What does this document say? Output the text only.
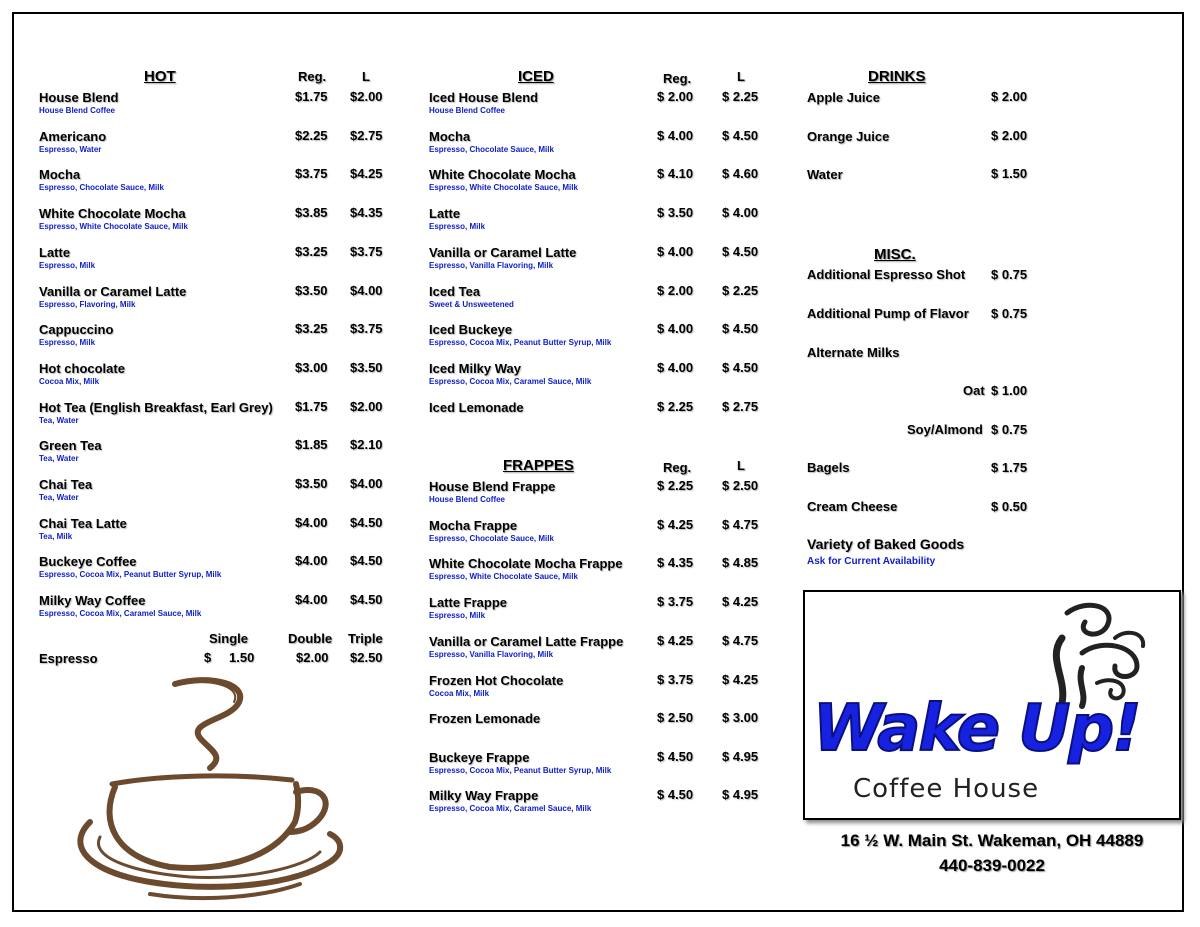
HOT	Reg.	L
House Blend
House Blend Coffee
$1.75 $2.00
Americano
Espresso, Water
$2.25 $2.75
Mocha
Espresso, Chocolate Sauce, Milk
$3.75 $4.25
White Chocolate Mocha
Espresso, White Chocolate Sauce, Milk
$3.85 $4.35
Latte
Espresso, Milk
$3.25 $3.75
Vanilla or Caramel Latte
Espresso, Flavoring, Milk
$3.50 $4.00
Cappuccino
Espresso, Milk
$3.25 $3.75
Hot chocolate
Cocoa Mix, Milk
$3.00 $3.50
Hot Tea (English Breakfast, Earl Grey)
Tea, Water
$1.75 $2.00
Green Tea
Tea, Water
$1.85 $2.10
Chai Tea
Tea, Water
$3.50 $4.00
Chai Tea Latte
Tea, Milk
$4.00 $4.50
Buckeye Coffee
Espresso, Cocoa Mix, Peanut Butter Syrup, Milk
$4.00 $4.50
Milky Way Coffee
Espresso, Cocoa Mix, Caramel Sauce, Milk
$4.00 $4.50
Single	Double Triple
Espresso	$ 1.50	$2.00 $2.50
ICED	Reg.	L
Iced House Blend
House Blend Coffee
$ 2.00 $ 2.25
Mocha
Espresso, Chocolate Sauce, Milk
$ 4.00 $ 4.50
White Chocolate Mocha
Espresso, White Chocolate Sauce, Milk
$ 4.10 $ 4.60
Latte
Espresso, Milk
$ 3.50 $ 4.00
Vanilla or Caramel Latte
Espresso, Vanilla Flavoring, Milk
$ 4.00 $ 4.50
Iced Tea
Sweet & Unsweetened
$ 2.00 $ 2.25
Iced Buckeye
Espresso, Cocoa Mix, Peanut Butter Syrup, Milk
$ 4.00 $ 4.50
Iced Milky Way
Espresso, Cocoa Mix, Caramel Sauce, Milk
$ 4.00 $ 4.50
Iced Lemonade	$ 2.25 $ 2.75
FRAPPES	Reg.	L
House Blend Frappe
House Blend Coffee
$ 2.25 $ 2.50
Mocha Frappe
Espresso, Chocolate Sauce, Milk
$ 4.25 $ 4.75
White Chocolate Mocha Frappe
Espresso, White Chocolate Sauce, Milk
$ 4.35 $ 4.85
Latte Frappe
Espresso, Milk
$ 3.75 $ 4.25
Vanilla or Caramel Latte Frappe
Espresso, Vanilla Flavoring, Milk
$ 4.25 $ 4.75
Frozen Hot Chocolate
Cocoa Mix, Milk
$ 3.75 $ 4.25
Frozen Lemonade	$ 2.50 $ 3.00
Buckeye Frappe
Espresso, Cocoa Mix, Peanut Butter Syrup, Milk
$ 4.50 $ 4.95
Milky Way Frappe
Espresso, Cocoa Mix, Caramel Sauce, Milk
$ 4.50 $ 4.95
DRINKS
Apple Juice	$ 2.00
Orange Juice	$ 2.00
Water	$ 1.50
MISC.
Additional Espresso Shot $ 0.75
Additional Pump of Flavor $ 0.75
Alternate Milks
Oat $ 1.00
Soy/Almond $ 0.75
Bagels	$ 1.75
Cream Cheese	$ 0.50
Variety of Baked Goods
Ask for Current Availability
Wake Up!
Coffee House
16 ½ W. Main St. Wakeman, OH 44889
440-839-0022
